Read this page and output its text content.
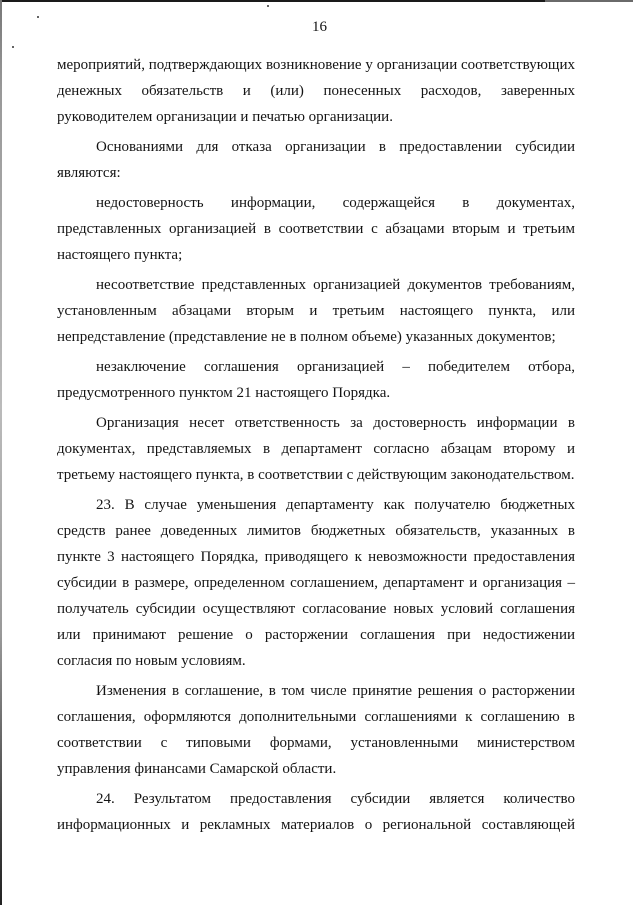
16

мероприятий, подтверждающих возникновение у организации соответствующих денежных обязательств и (или) понесенных расходов, заверенных руководителем организации и печатью организации.

Основаниями для отказа организации в предоставлении субсидии являются:

недостоверность информации, содержащейся в документах, представленных организацией в соответствии с абзацами вторым и третьим настоящего пункта;

несоответствие представленных организацией документов требованиям, установленным абзацами вторым и третьим настоящего пункта, или непредставление (представление не в полном объеме) указанных документов;

незаключение соглашения организацией – победителем отбора, предусмотренного пунктом 21 настоящего Порядка.

Организация несет ответственность за достоверность информации в документах, представляемых в департамент согласно абзацам второму и третьему настоящего пункта, в соответствии с действующим законодательством.

23. В случае уменьшения департаменту как получателю бюджетных средств ранее доведенных лимитов бюджетных обязательств, указанных в пункте 3 настоящего Порядка, приводящего к невозможности предоставления субсидии в размере, определенном соглашением, департамент и организация – получатель субсидии осуществляют согласование новых условий соглашения или принимают решение о расторжении соглашения при недостижении согласия по новым условиям.

Изменения в соглашение, в том числе принятие решения о расторжении соглашения, оформляются дополнительными соглашениями к соглашению в соответствии с типовыми формами, установленными министерством управления финансами Самарской области.

24. Результатом предоставления субсидии является количество информационных и рекламных материалов о региональной составляющей
